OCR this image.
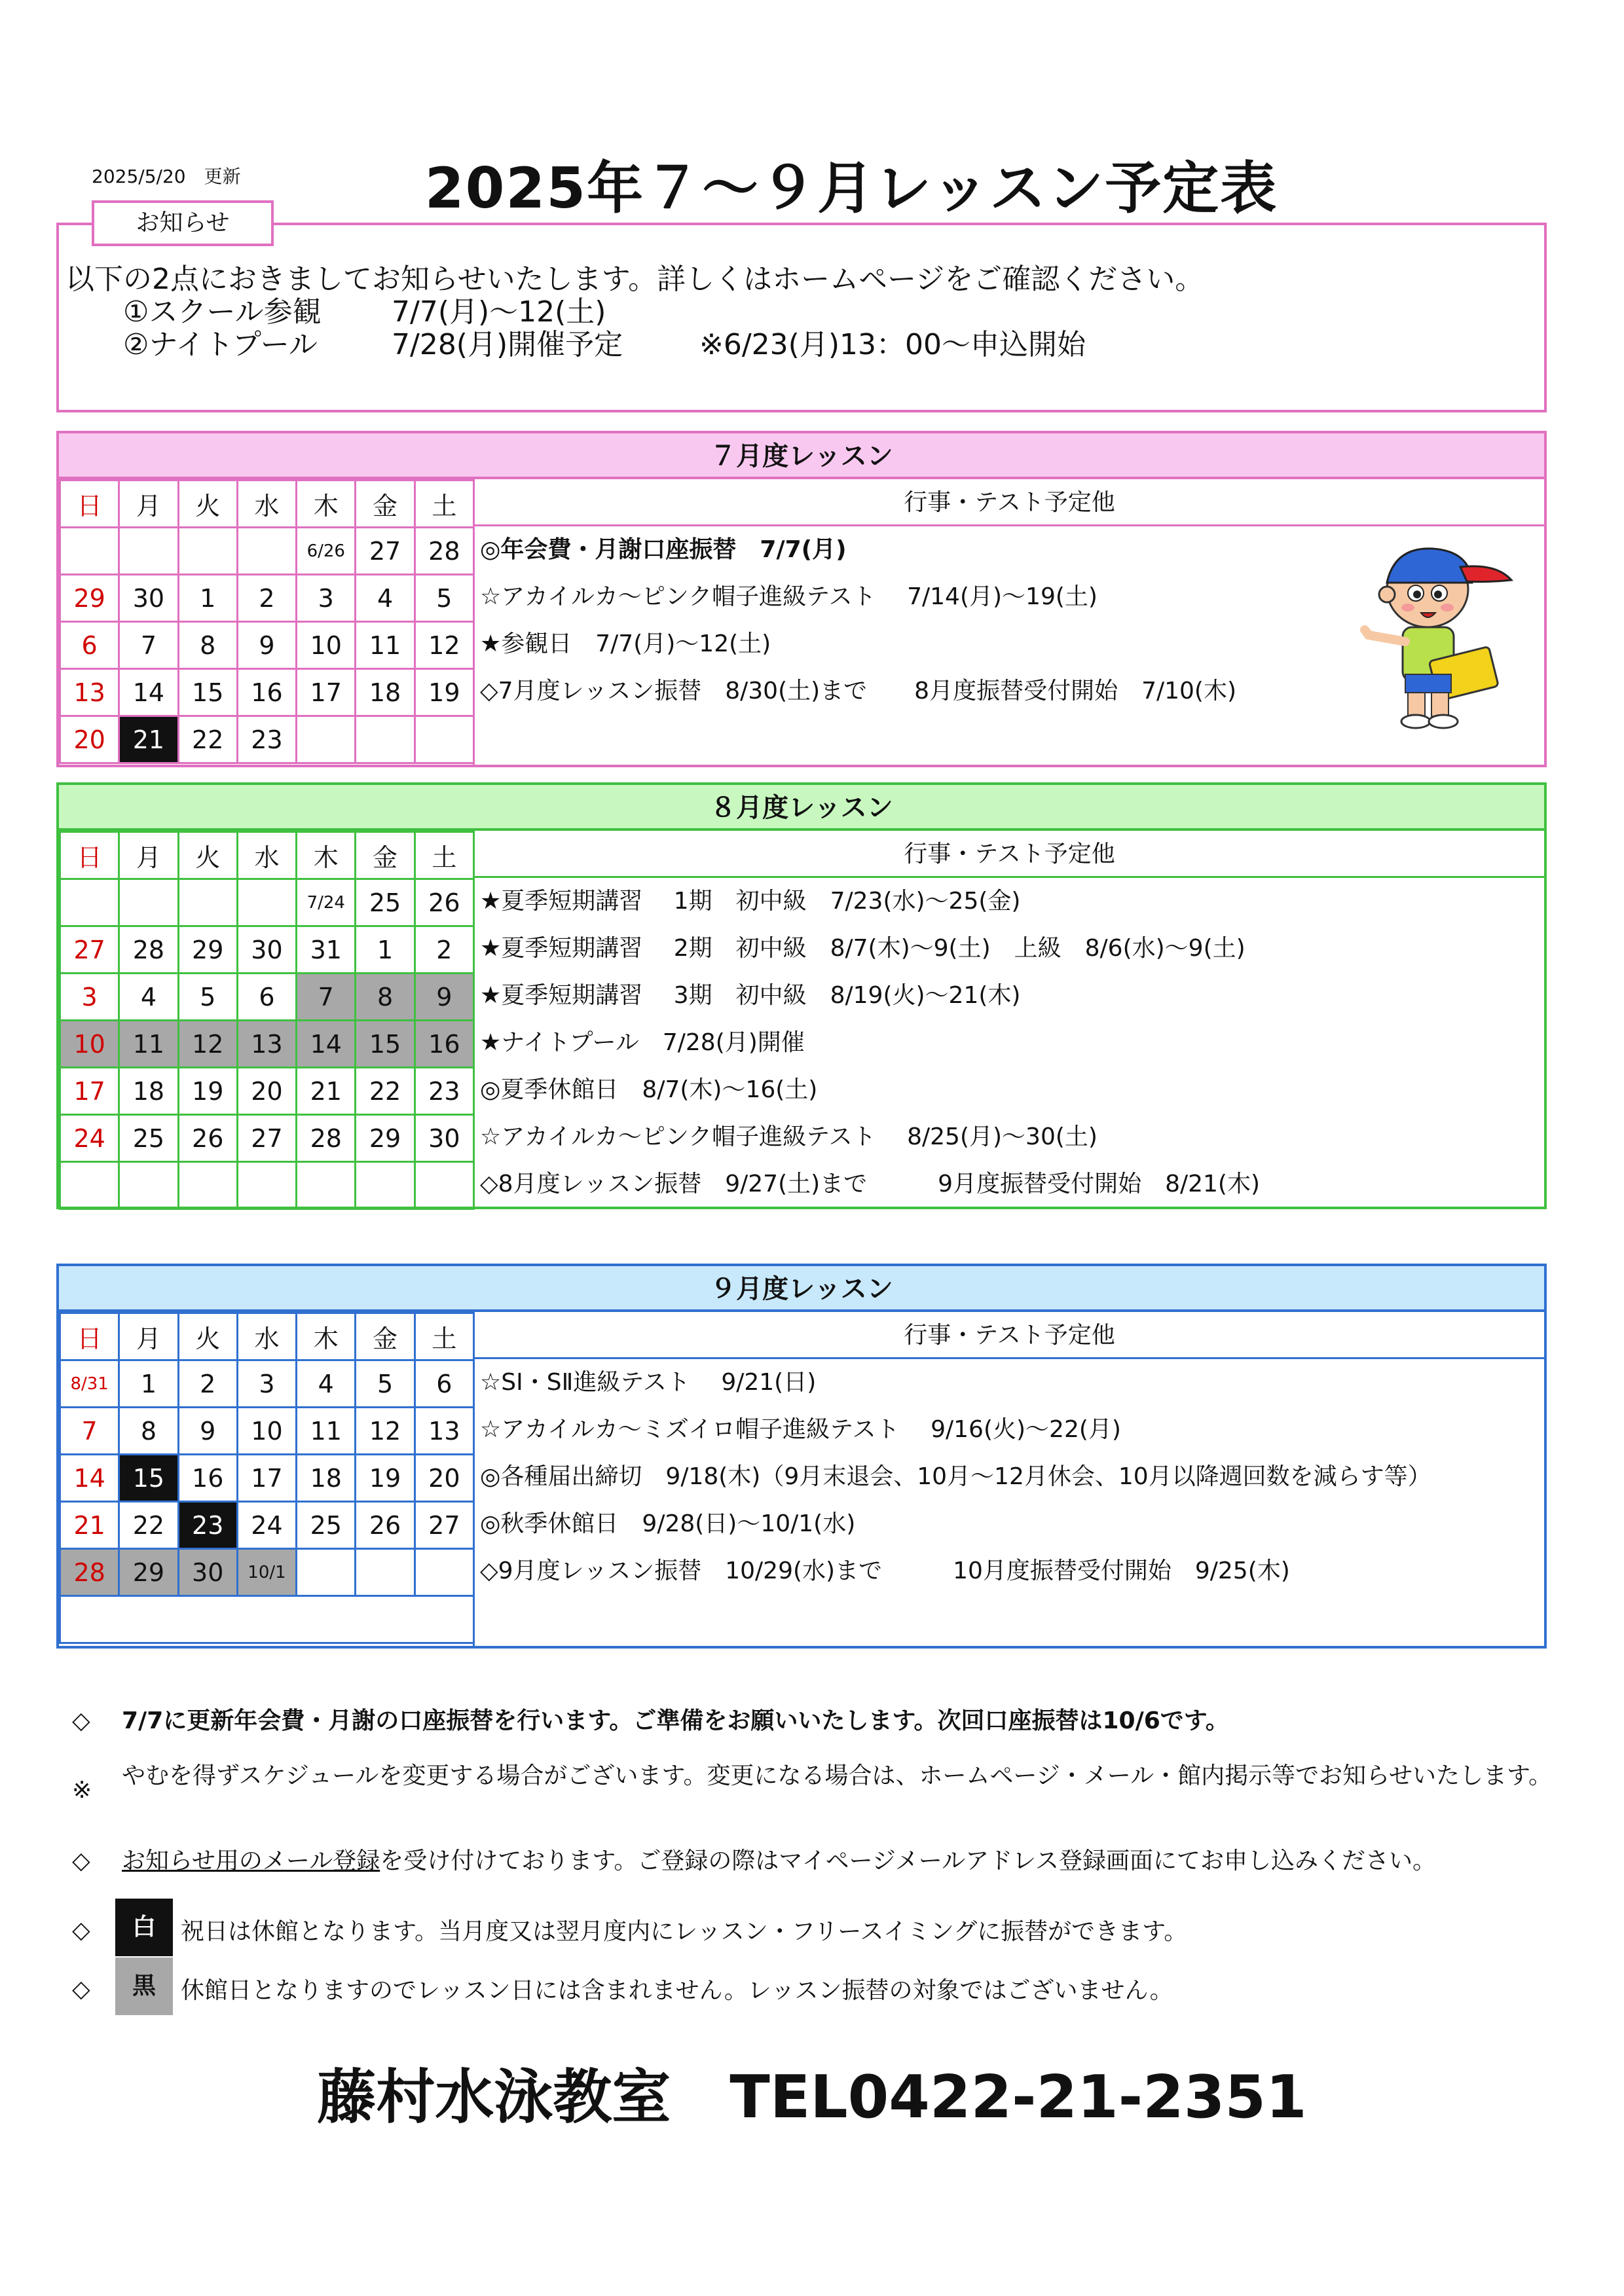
2025/5/20　更新	2025年７～９月レッスン予定表
お知らせ
以下の2点におきましてお知らせいたします。詳しくはホームページをご確認ください。
①スクール参観 7/7(月)～12(土)
②ナイトプール	7/28(月)開催予定	※6/23(月)13：00～申込開始
７月度レッスン
日	月	火	水	木	金	土
				6/26	27	28
29	30	1	2	3	4	5
6	7	8	9	10	11	12
13	14	15	16	17	18	19
20	21	22	23			
行事・テスト予定他
◎年会費・月謝口座振替　7/7(月)
☆アカイルカ～ピンク帽子進級テスト　 7/14(月)～19(土)
★参観日　7/7(月)～12(土)
◇7月度レッスン振替　8/30(土)まで　　8月度振替受付開始　7/10(木)
８月度レッスン
日	月	火	水	木	金	土
				7/24	25	26
27	28	29	30	31	1	2
3	4	5	6	7	8	9
10	11	12	13	14	15	16
17	18	19	20	21	22	23
24	25	26	27	28	29	30

行事・テスト予定他
★夏季短期講習　 1期　初中級　7/23(水)～25(金)
★夏季短期講習　 2期　初中級　8/7(木)～9(土)　上級　8/6(水)～9(土)
★夏季短期講習　 3期　初中級　8/19(火)～21(木)
★ナイトプール　7/28(月)開催
◎夏季休館日　8/7(木)～16(土)
☆アカイルカ～ピンク帽子進級テスト　 8/25(月)～30(土)
◇8月度レッスン振替　9/27(土)まで　　　9月度振替受付開始　8/21(木)
９月度レッスン
日	月	火	水	木	金	土
8/31	1	2	3	4	5	6
7	8	9	10	11	12	13
14	15	16	17	18	19	20
21	22	23	24	25	26	27
28	29	30	10/1			

行事・テスト予定他
☆SⅠ・SⅡ進級テスト　 9/21(日)
☆アカイルカ～ミズイロ帽子進級テスト　 9/16(火)～22(月)
◎各種届出締切　9/18(木)（9月末退会、10月～12月休会、10月以降週回数を減らす等）
◎秋季休館日　9/28(日)～10/1(水)
◇9月度レッスン振替　10/29(水)まで　　　10月度振替受付開始　9/25(木)
◇	7/7に更新年会費・月謝の口座振替を行います。ご準備をお願いいたします。次回口座振替は10/6です。
※
やむを得ずスケジュールを変更する場合がございます。変更になる場合は、ホームページ・メール・館内掲示等でお知らせいたします。
◇	お知らせ用のメール登録を受け付けております。ご登録の際はマイページメールアドレス登録画面にてお申し込みください。
◇	祝日は休館となります。当月度又は翌月度内にレッスン・フリースイミングに振替ができます。
白
◇	休館日となりますのでレッスン日には含まれません。レッスン振替の対象ではございません。
黒
藤村水泳教室　TEL0422-21-2351
